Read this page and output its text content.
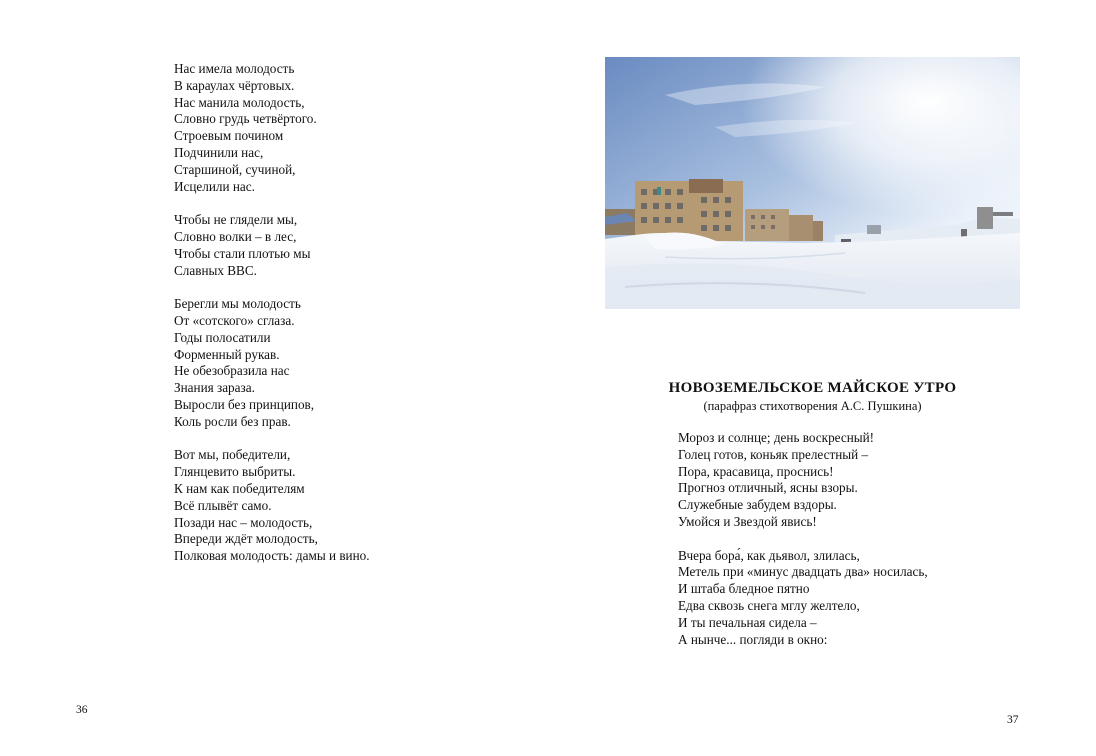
Нас имела молодость
В караулах чёртовых.
Нас манила молодость,
Словно грудь четвёртого.
Строевым почином
Подчинили нас,
Старшиной, сучиной,
Исцелили нас.
Чтобы не глядели мы,
Словно волки – в лес,
Чтобы стали плотью мы
Славных ВВС.
Берегли мы молодость
От «сотского» сглаза.
Годы полосатили
Форменный рукав.
Не обезобразила нас
Знания зараза.
Выросли без принципов,
Коль росли без прав.
Вот мы, победители,
Глянцевито выбриты.
К нам как победителям
Всё плывёт само.
Позади нас – молодость,
Впереди ждёт молодость,
Полковая молодость: дамы и вино.
36
НОВОЗЕМЕЛЬСКОЕ МАЙСКОЕ УТРО
(парафраз стихотворения А.С. Пушкина)
Мороз и солнце; день воскресный!
Голец готов, коньяк прелестный –
Пора, красавица, проснись!
Прогноз отличный, ясны взоры.
Служебные забудем вздоры.
Умойся и Звездой явись!
Вчера бора́, как дьявол, злилась,
Метель при «минус двадцать два» носилась,
И штаба бледное пятно
Едва сквозь снега мглу желтело,
И ты печальная сидела –
А нынче... погляди в окно:
37
